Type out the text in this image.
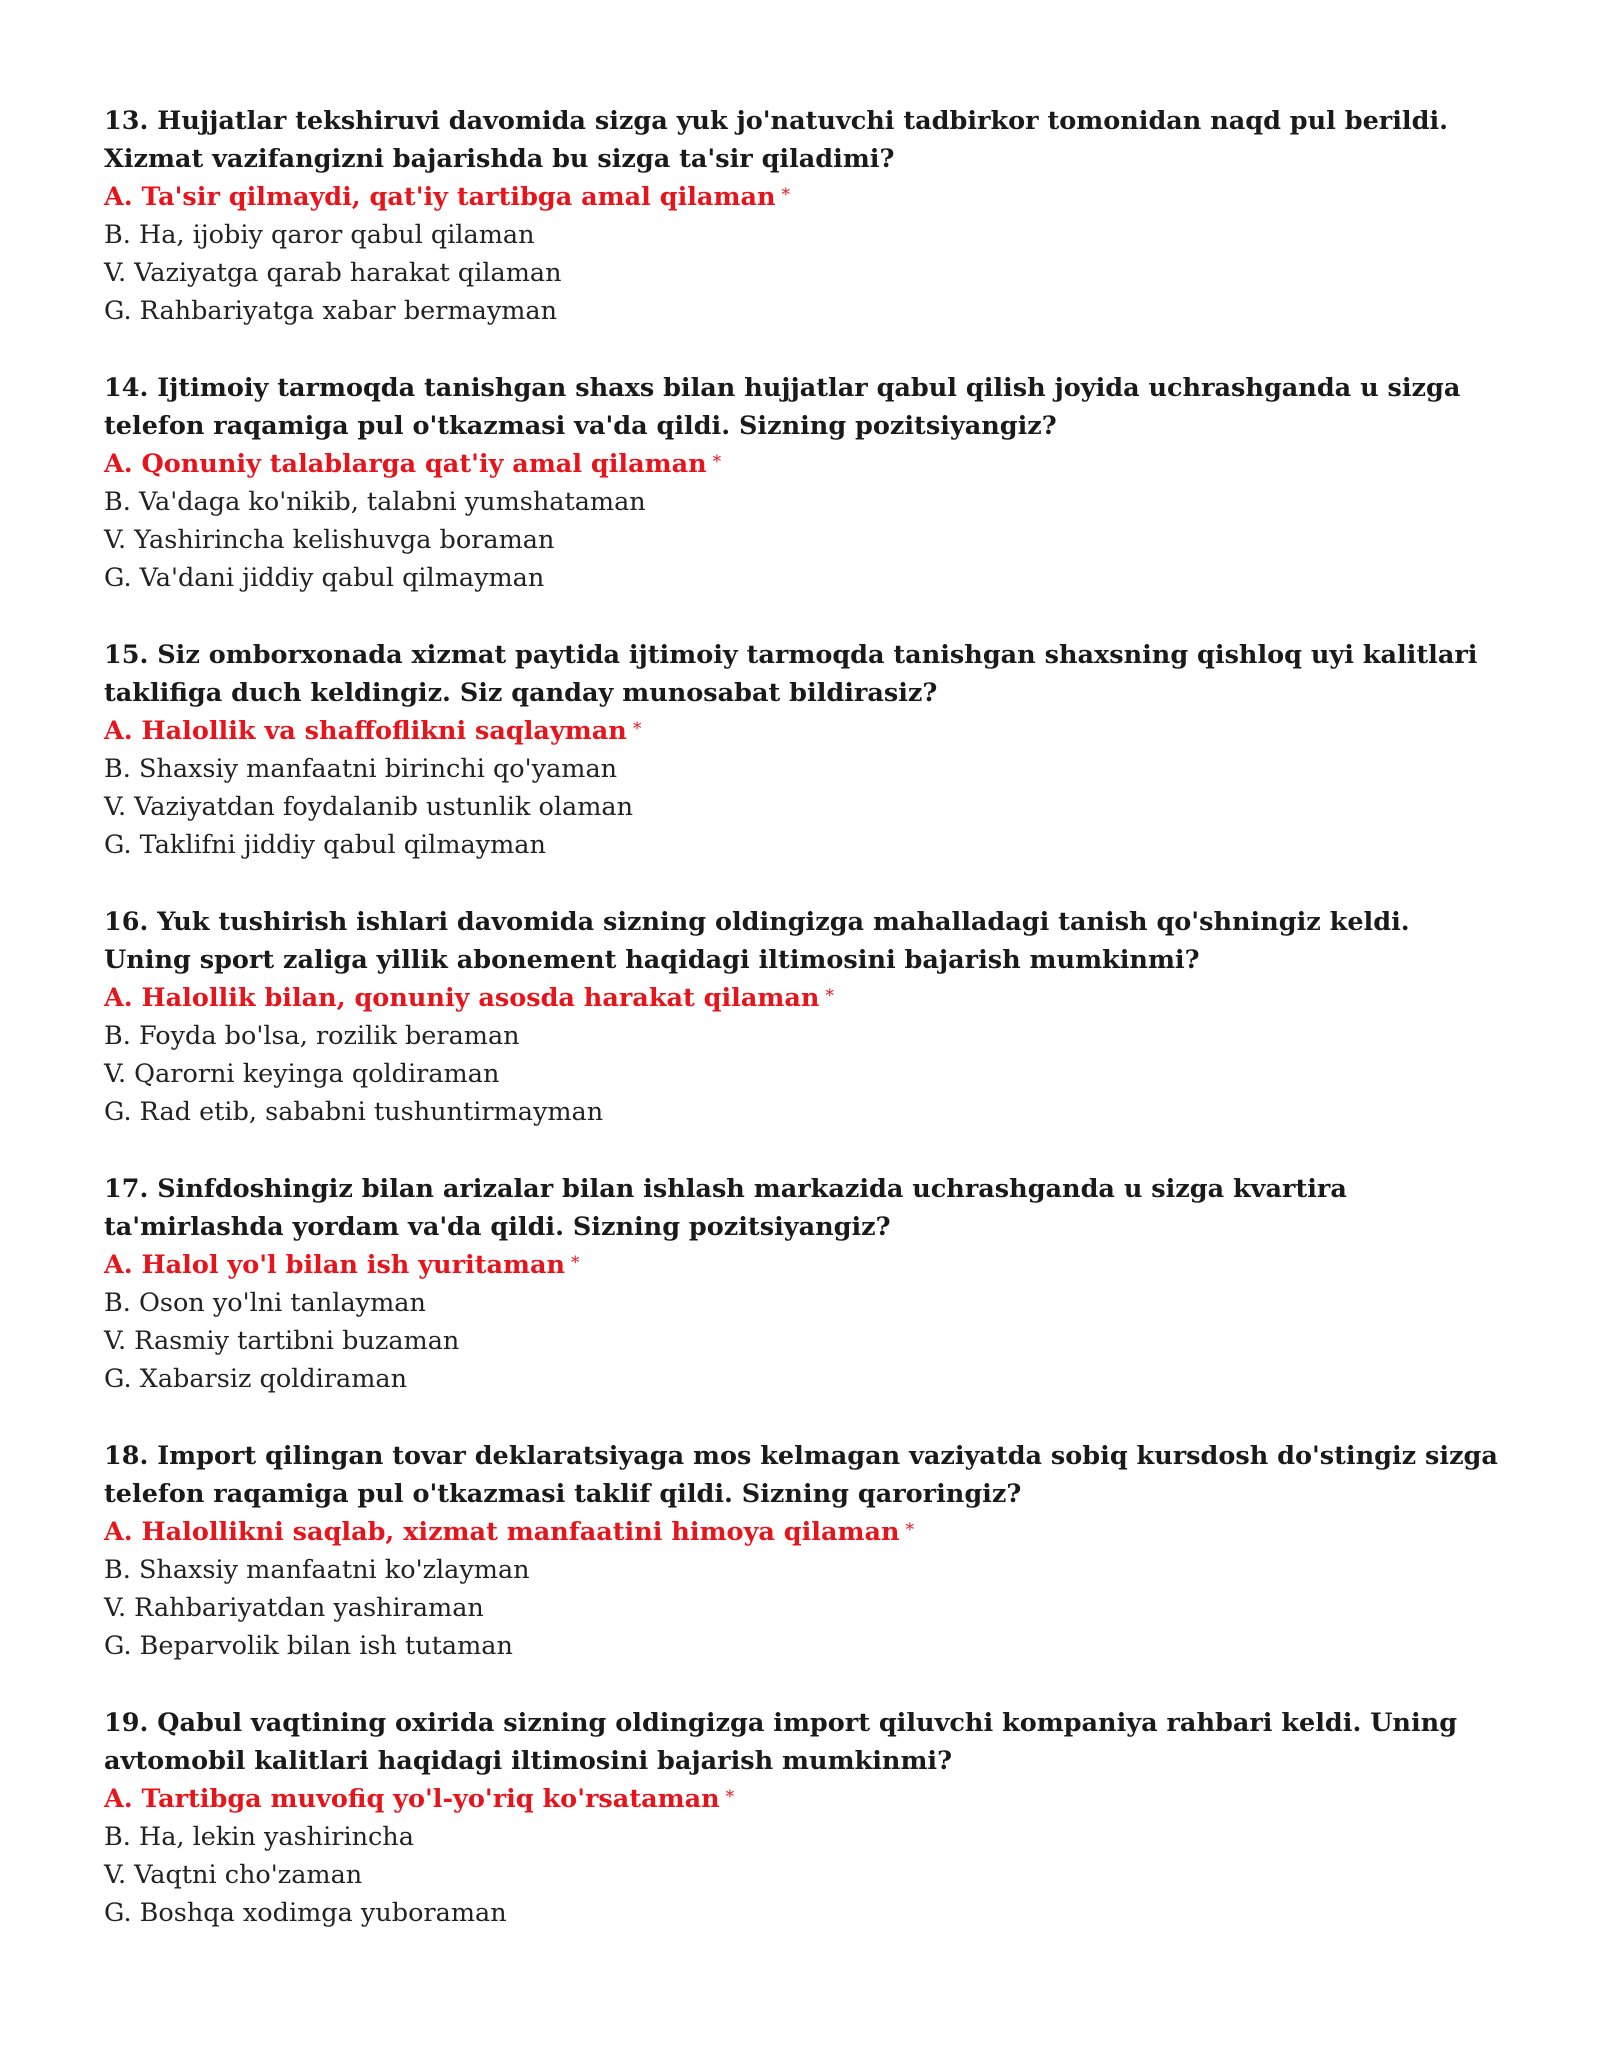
13. Hujjatlar tekshiruvi davomida sizga yuk jo'natuvchi tadbirkor tomonidan naqd pul berildi. Xizmat vazifangizni bajarishda bu sizga ta'sir qiladimi?

A. Ta'sir qilmaydi, qat'iy tartibga amal qilaman *

B. Ha, ijobiy qaror qabul qilaman

V. Vaziyatga qarab harakat qilaman

G. Rahbariyatga xabar bermayman

14. Ijtimoiy tarmoqda tanishgan shaxs bilan hujjatlar qabul qilish joyida uchrashganda u sizga telefon raqamiga pul o'tkazmasi va'da qildi. Sizning pozitsiyangiz?

A. Qonuniy talablarga qat'iy amal qilaman *

B. Va'daga ko'nikib, talabni yumshataman

V. Yashirincha kelishuvga boraman

G. Va'dani jiddiy qabul qilmayman

15. Siz omborxonada xizmat paytida ijtimoiy tarmoqda tanishgan shaxsning qishloq uyi kalitlari taklifiga duch keldingiz. Siz qanday munosabat bildirasiz?

A. Halollik va shaffoflikni saqlayman *

B. Shaxsiy manfaatni birinchi qo'yaman

V. Vaziyatdan foydalanib ustunlik olaman

G. Taklifni jiddiy qabul qilmayman

16. Yuk tushirish ishlari davomida sizning oldingizga mahalladagi tanish qo'shningiz keldi. Uning sport zaliga yillik abonement haqidagi iltimosini bajarish mumkinmi?

A. Halollik bilan, qonuniy asosda harakat qilaman *

B. Foyda bo'lsa, rozilik beraman

V. Qarorni keyinga qoldiraman

G. Rad etib, sababni tushuntirmayman

17. Sinfdoshingiz bilan arizalar bilan ishlash markazida uchrashganda u sizga kvartira ta'mirlashda yordam va'da qildi. Sizning pozitsiyangiz?

A. Halol yo'l bilan ish yuritaman *

B. Oson yo'lni tanlayman

V. Rasmiy tartibni buzaman

G. Xabarsiz qoldiraman

18. Import qilingan tovar deklaratsiyaga mos kelmagan vaziyatda sobiq kursdosh do'stingiz sizga telefon raqamiga pul o'tkazmasi taklif qildi. Sizning qaroringiz?

A. Halollikni saqlab, xizmat manfaatini himoya qilaman *

B. Shaxsiy manfaatni ko'zlayman

V. Rahbariyatdan yashiraman

G. Beparvolik bilan ish tutaman

19. Qabul vaqtining oxirida sizning oldingizga import qiluvchi kompaniya rahbari keldi. Uning avtomobil kalitlari haqidagi iltimosini bajarish mumkinmi?

A. Tartibga muvofiq yo'l-yo'riq ko'rsataman *

B. Ha, lekin yashirincha

V. Vaqtni cho'zaman

G. Boshqa xodimga yuboraman
